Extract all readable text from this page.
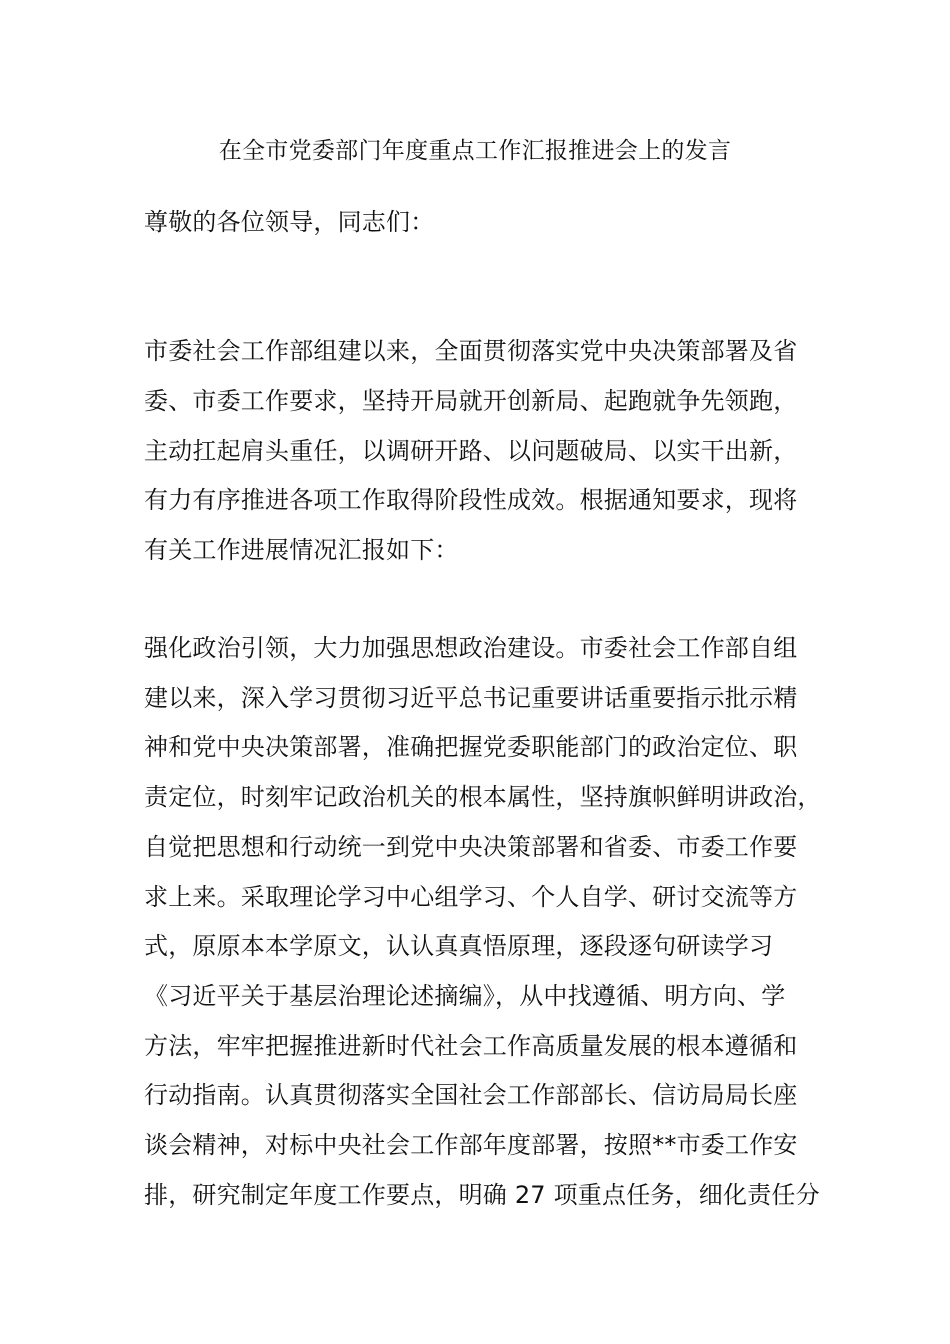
在全市党委部门年度重点工作汇报推进会上的发言
尊敬的各位领导，同志们：
市委社会工作部组建以来，全面贯彻落实党中央决策部署及省
委、市委工作要求，坚持开局就开创新局、起跑就争先领跑，
主动扛起肩头重任，以调研开路、以问题破局、以实干出新，
有力有序推进各项工作取得阶段性成效。根据通知要求，现将
有关工作进展情况汇报如下：
强化政治引领，大力加强思想政治建设。市委社会工作部自组
建以来，深入学习贯彻习近平总书记重要讲话重要指示批示精
神和党中央决策部署，准确把握党委职能部门的政治定位、职
责定位，时刻牢记政治机关的根本属性，坚持旗帜鲜明讲政治，
自觉把思想和行动统一到党中央决策部署和省委、市委工作要
求上来。采取理论学习中心组学习、个人自学、研讨交流等方
式，原原本本学原文，认认真真悟原理，逐段逐句研读学习
《习近平关于基层治理论述摘编》，从中找遵循、明方向、学
方法，牢牢把握推进新时代社会工作高质量发展的根本遵循和
行动指南。认真贯彻落实全国社会工作部部长、信访局局长座
谈会精神，对标中央社会工作部年度部署，按照**市委工作安
排，研究制定年度工作要点，明确 27 项重点任务，细化责任分
